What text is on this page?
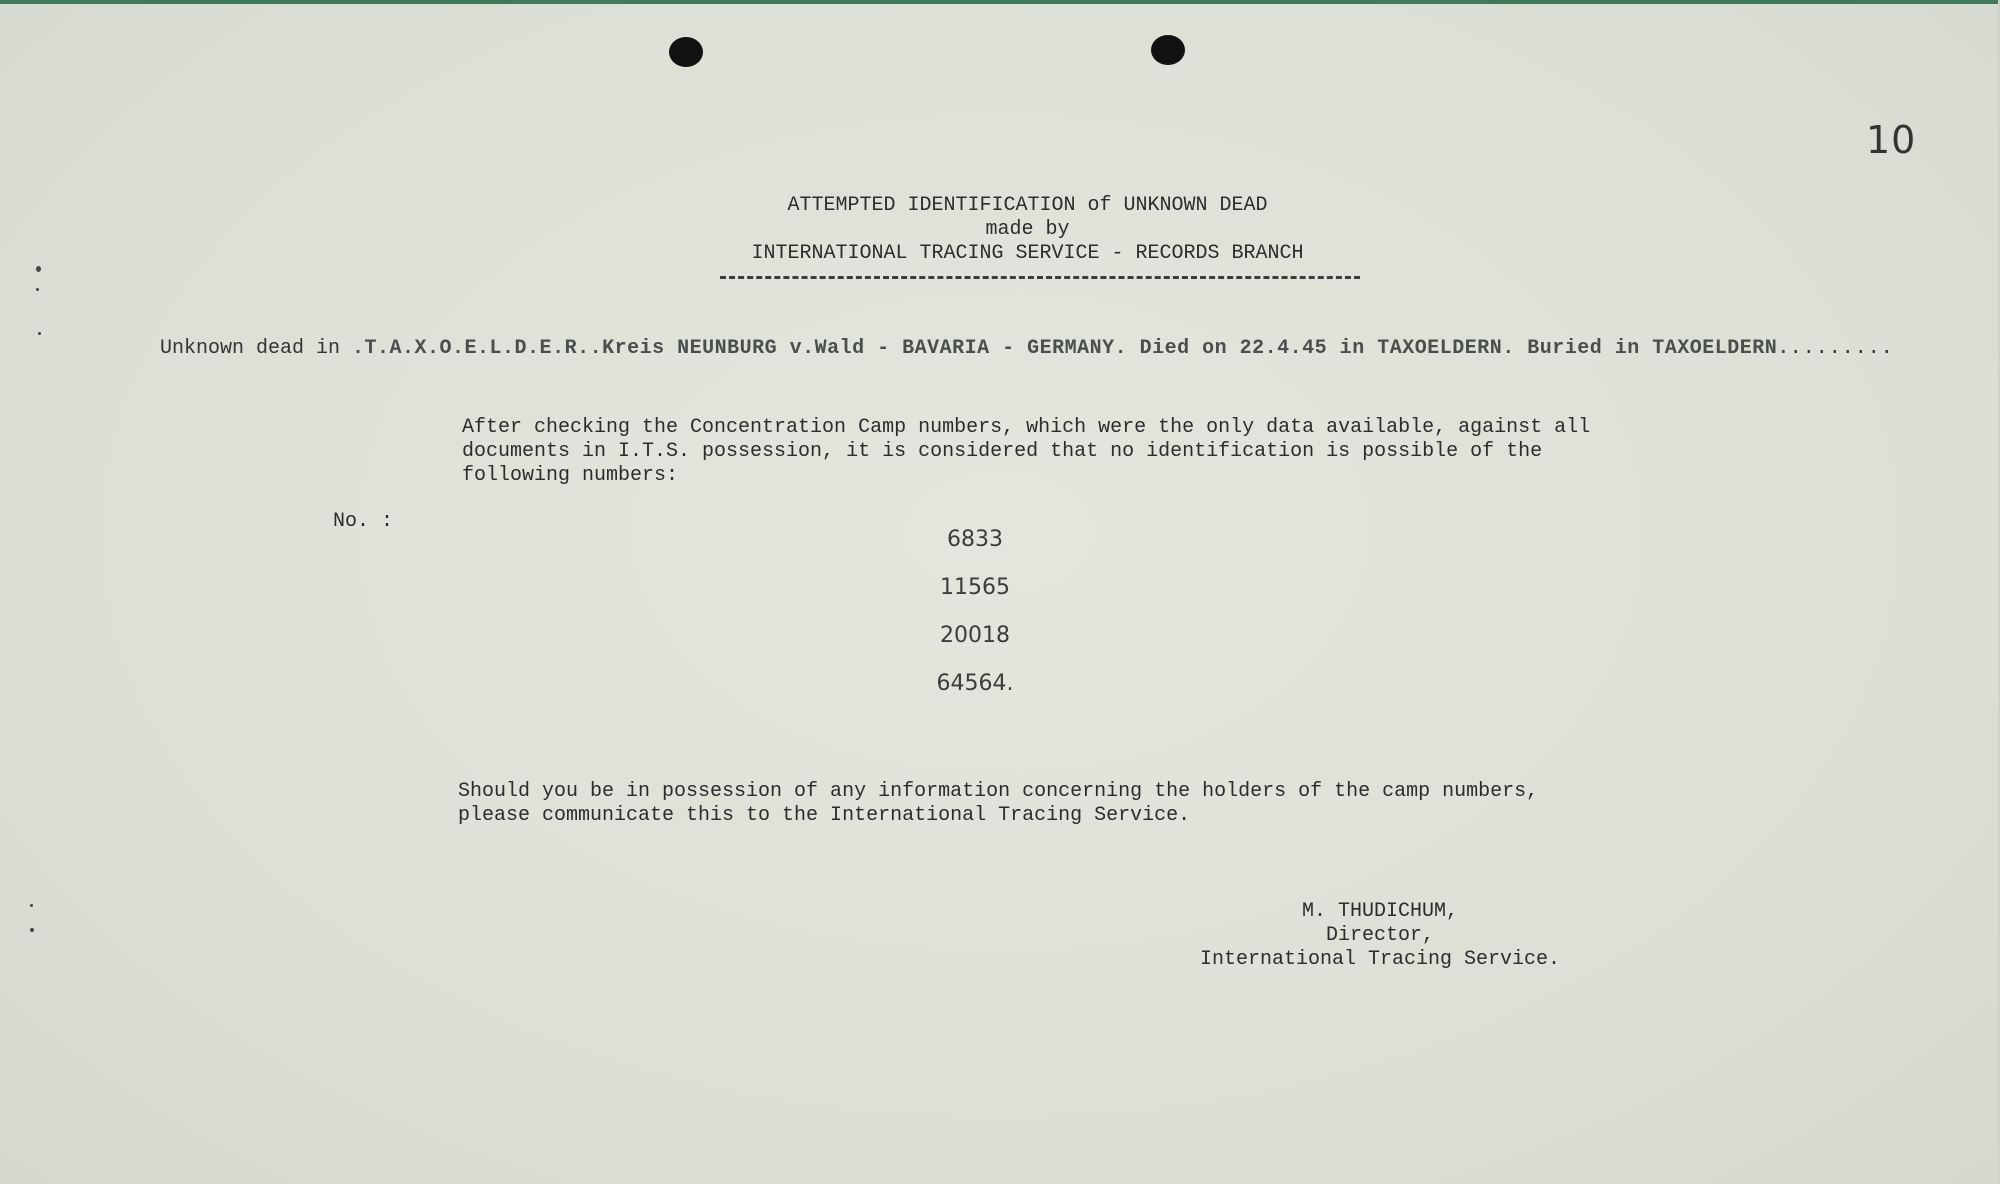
10
ATTEMPTED IDENTIFICATION of UNKNOWN DEAD
made by
INTERNATIONAL TRACING SERVICE - RECORDS BRANCH
Unknown dead in .T.A.X.O.E.L.D.E.R..Kreis NEUNBURG v.Wald - BAVARIA - GERMANY. Died on 22.4.45 in TAXOELDERN. Buried in TAXOELDERN.........
After checking the Concentration Camp numbers, which were the only data available, against all
documents in I.T.S. possession, it is considered that no identification is possible of the
following numbers:
No. :
6833
11565
20018
64564.
Should you be in possession of any information concerning the holders of the camp numbers,
please communicate this to the International Tracing Service.
M. THUDICHUM,
Director,
International Tracing Service.
